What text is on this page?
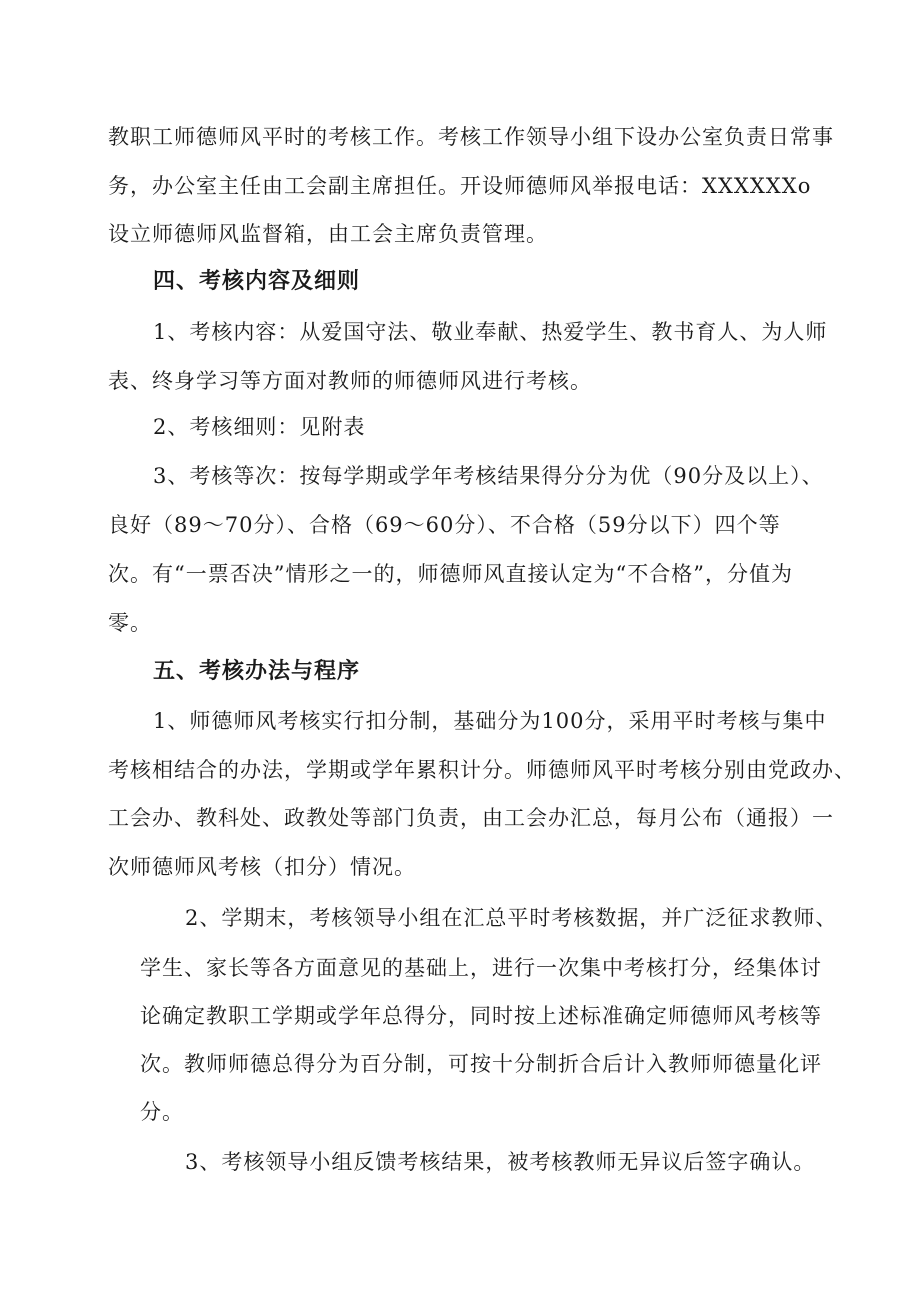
教职工师德师风平时的考核工作。考核工作领导小组下设办公室负责日常事
务，办公室主任由工会副主席担任。开设师德师风举报电话：XXXXXXo
设立师德师风监督箱，由工会主席负责管理。
四、考核内容及细则
1、考核内容：从爱国守法、敬业奉献、热爱学生、教书育人、为人师
表、终身学习等方面对教师的师德师风进行考核。
2、考核细则：见附表
3、考核等次：按每学期或学年考核结果得分分为优（90分及以上）、
良好（89～70分）、合格（69～60分）、不合格（59分以下）四个等
次。有“一票否决”情形之一的，师德师风直接认定为“不合格”，分值为
零。
五、考核办法与程序
1、师德师风考核实行扣分制，基础分为100分，采用平时考核与集中
考核相结合的办法，学期或学年累积计分。师德师风平时考核分别由党政办、
工会办、教科处、政教处等部门负责，由工会办汇总，每月公布（通报）一
次师德师风考核（扣分）情况。
2、学期末，考核领导小组在汇总平时考核数据，并广泛征求教师、
学生、家长等各方面意见的基础上，进行一次集中考核打分，经集体讨
论确定教职工学期或学年总得分，同时按上述标准确定师德师风考核等
次。教师师德总得分为百分制，可按十分制折合后计入教师师德量化评
分。
3、考核领导小组反馈考核结果，被考核教师无异议后签字确认。
